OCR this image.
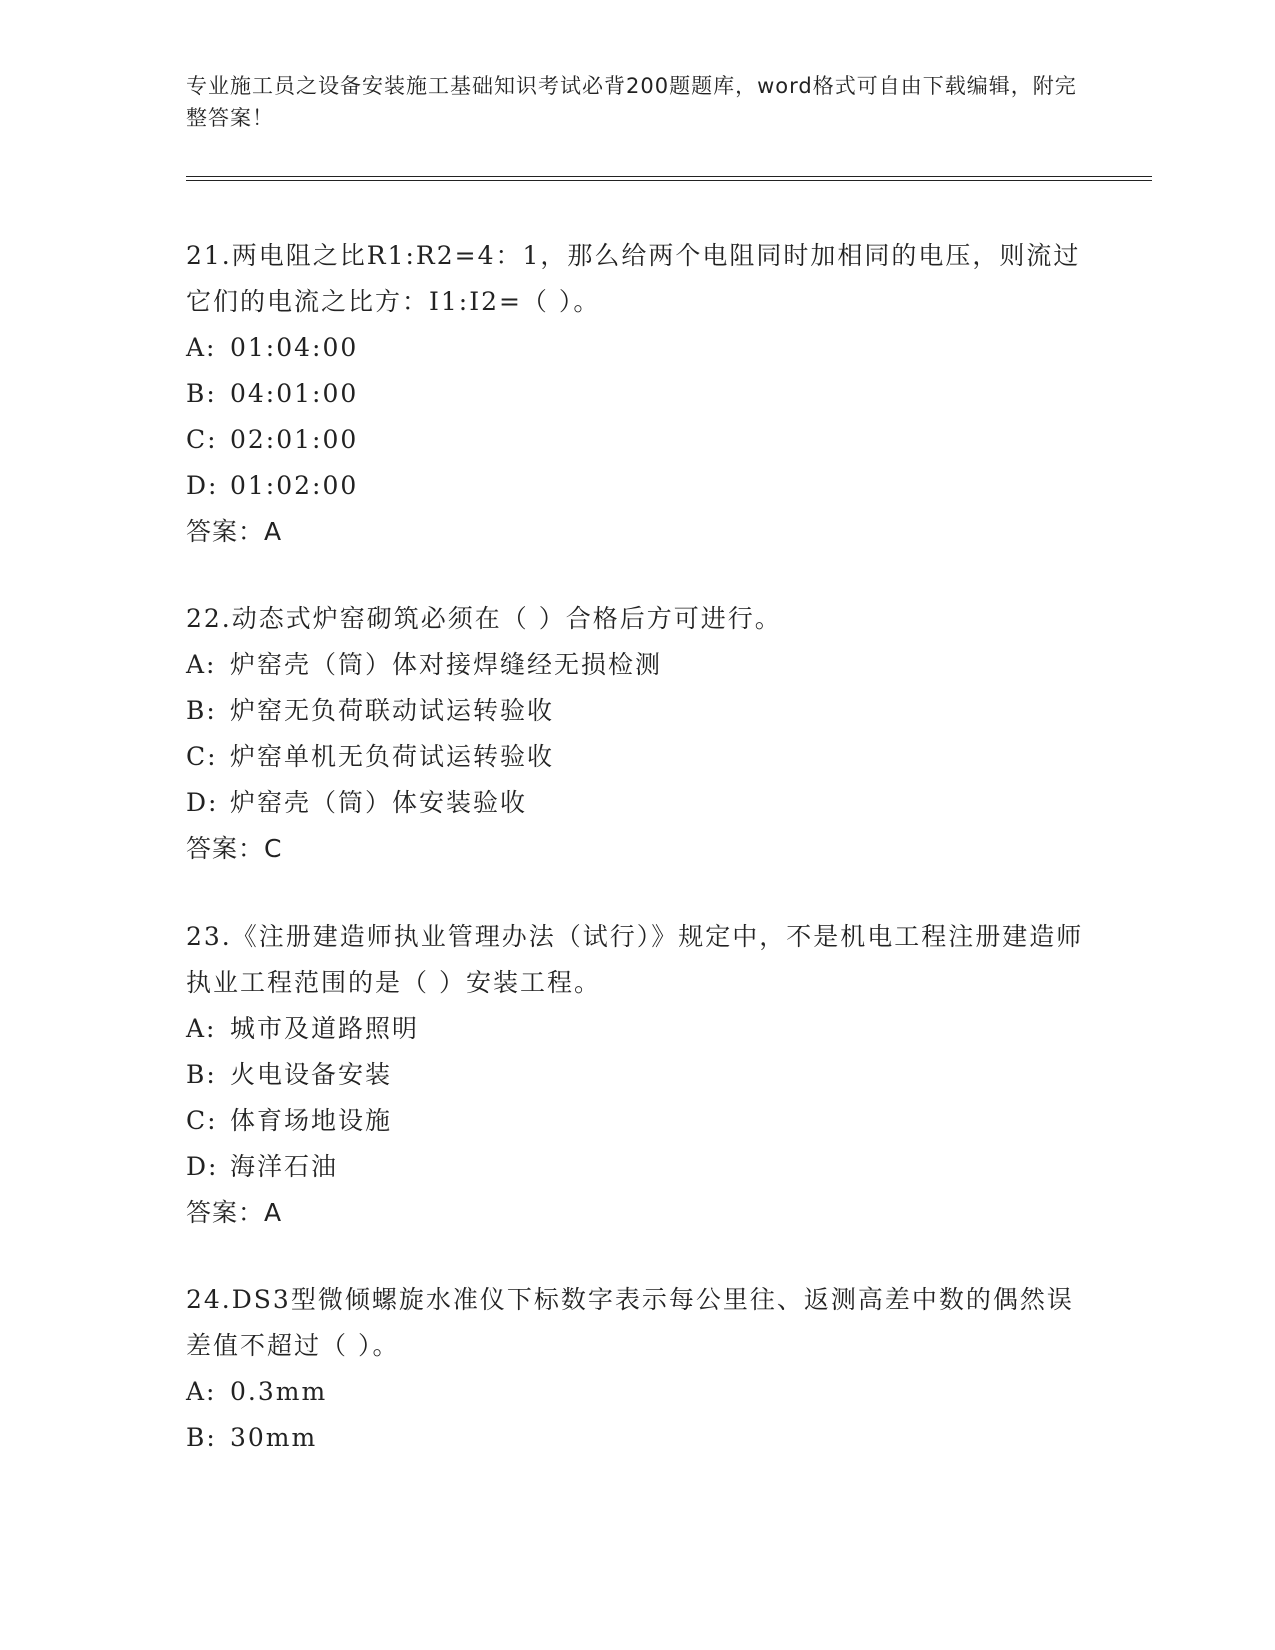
专业施工员之设备安装施工基础知识考试必背200题题库，word格式可自由下载编辑，附完整答案！
21.两电阻之比R1:R2=4：1，那么给两个电阻同时加相同的电压，则流过它们的电流之比方：I1:I2=（ ）。
A: 01:04:00
B: 04:01:00
C: 02:01:00
D: 01:02:00
答案：A
22.动态式炉窑砌筑必须在（ ）合格后方可进行。
A: 炉窑壳（筒）体对接焊缝经无损检测
B: 炉窑无负荷联动试运转验收
C: 炉窑单机无负荷试运转验收
D: 炉窑壳（筒）体安装验收
答案：C
23.《注册建造师执业管理办法（试行）》规定中，不是机电工程注册建造师执业工程范围的是（ ）安装工程。
A: 城市及道路照明
B: 火电设备安装
C: 体育场地设施
D: 海洋石油
答案：A
24.DS3型微倾螺旋水准仪下标数字表示每公里往、返测高差中数的偶然误差值不超过（ ）。
A: 0.3mm
B: 30mm
